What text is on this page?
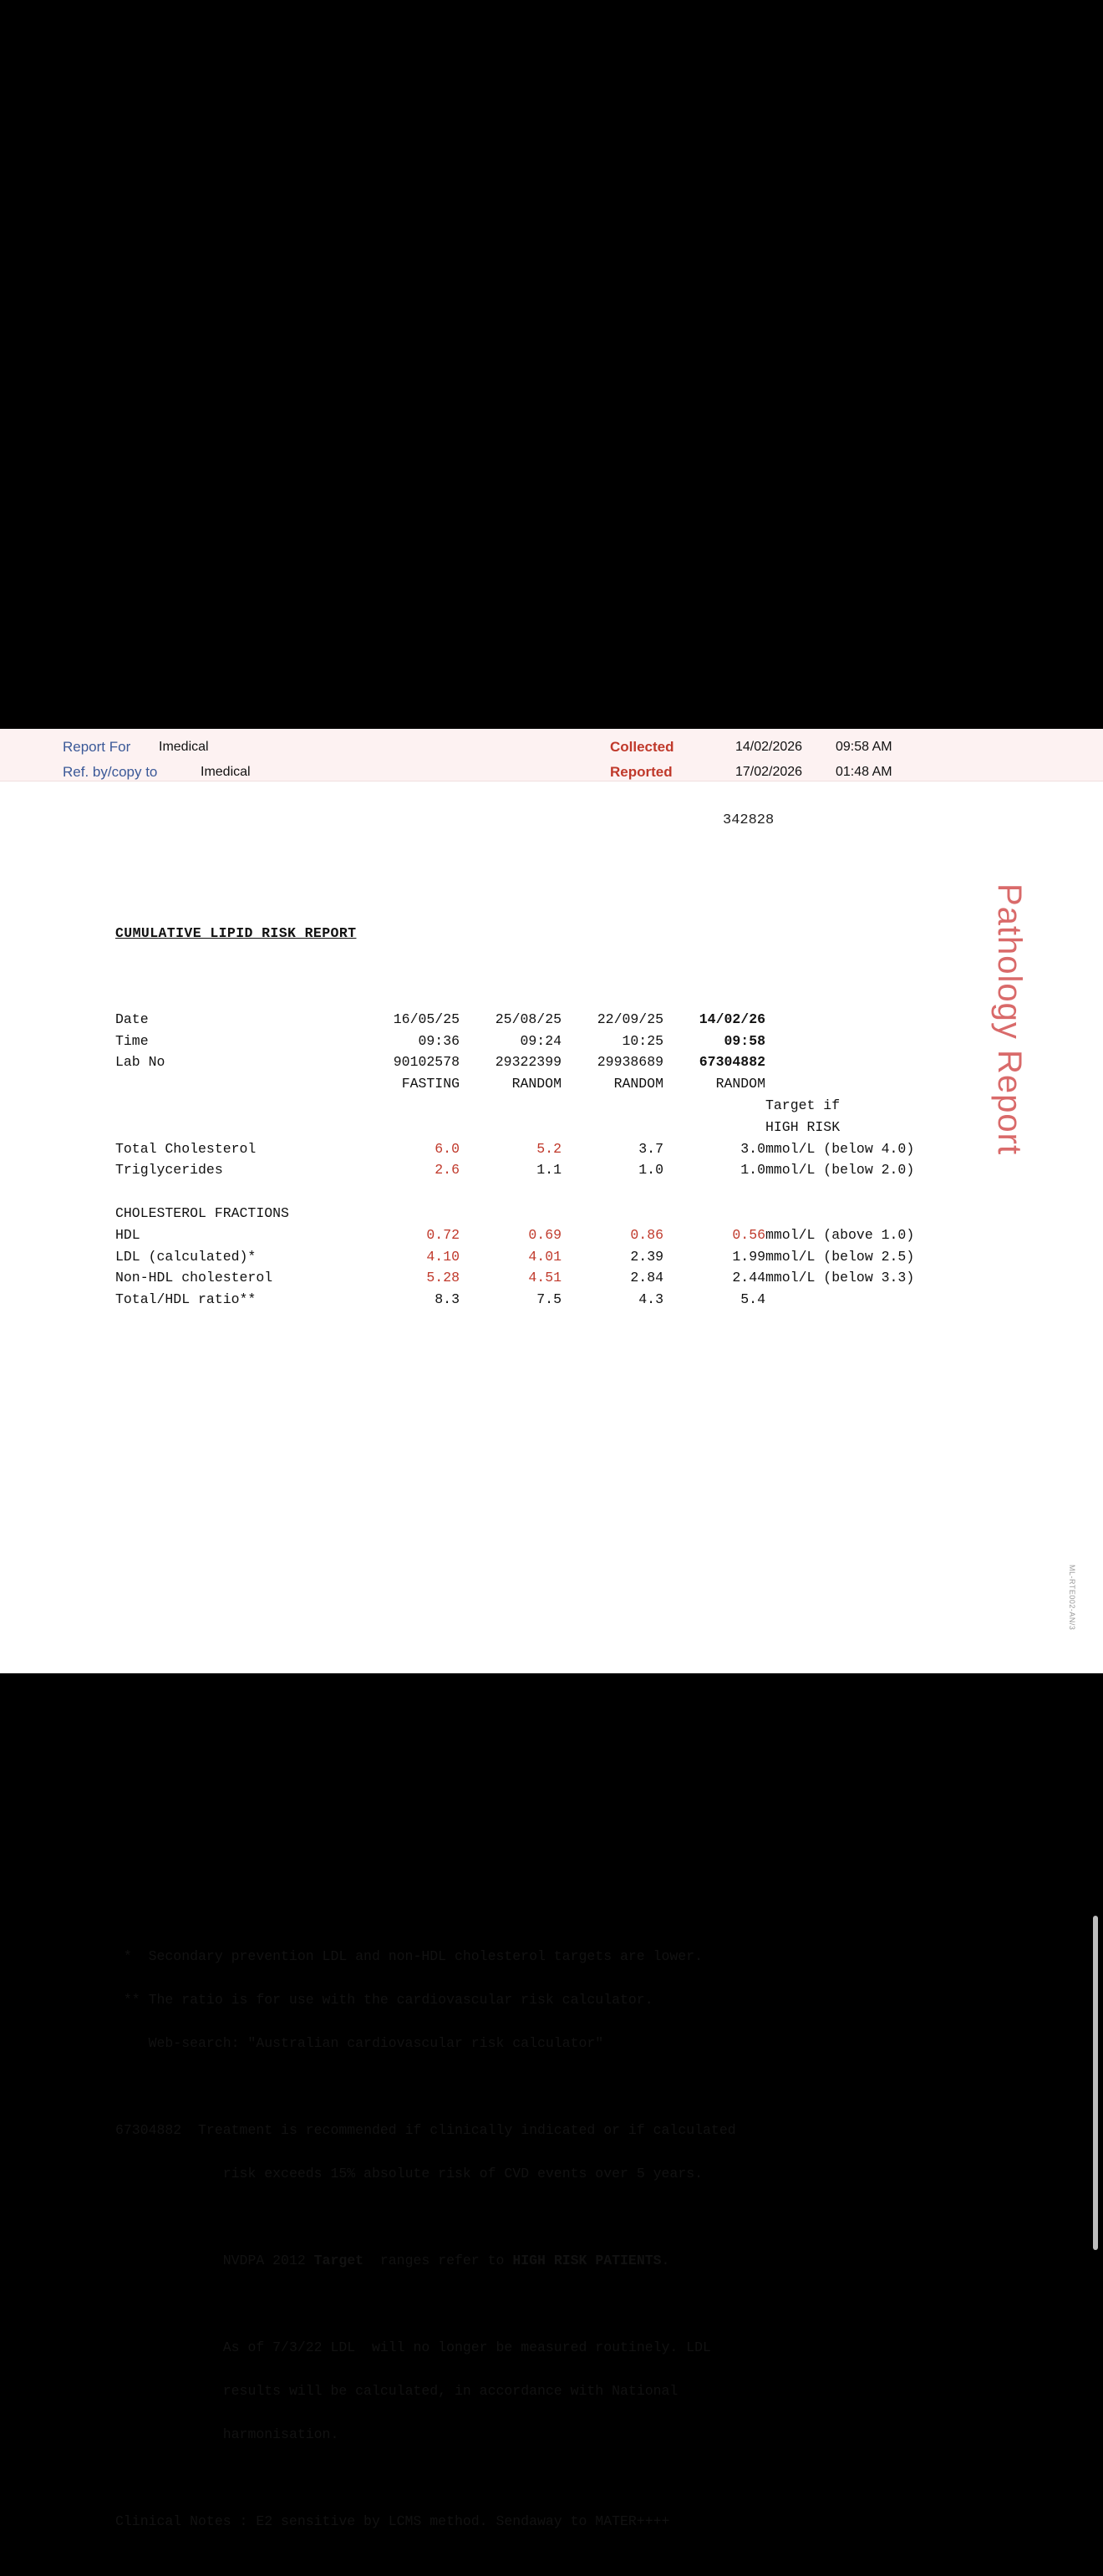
Report For Imedical
Ref. by/copy to	Imedical
Collected	14/02/2026 09:58 AM
Reported	17/02/2026 01:48 AM
342828
Pathology Report
ML-RTE002-AN/3

CUMULATIVE LIPID RISK REPORT

Date	16/05/25	25/08/25	22/09/25	14/02/26	
Time	09:36	09:24	10:25	09:58	
Lab No	90102578	29322399	29938689	67304882	
	FASTING	RANDOM	RANDOM	RANDOM	
					Target if
					HIGH RISK
Total Cholesterol	6.0	5.2	3.7	3.0	mmol/L (below 4.0)
Triglycerides	2.6	1.1	1.0	1.0	mmol/L (below 2.0)

CHOLESTEROL FRACTIONS					
HDL	0.72	0.69	0.86	0.56	mmol/L (above 1.0)
LDL (calculated)*	4.10	4.01	2.39	1.99	mmol/L (below 2.5)
Non-HDL cholesterol	5.28	4.51	2.84	2.44	mmol/L (below 3.3)
Total/HDL ratio**	8.3	7.5	4.3	5.4	

*  Secondary prevention LDL and non-HDL cholesterol targets are lower.

** The ratio is for use with the cardiovascular risk calculator.

Web-search: "Australian cardiovascular risk calculator"

67304882 Treatment is recommended if clinically indicated or if calculated

risk exceeds 15% absolute risk of CVD events over 5 years.

NVDPA 2012 Target  ranges refer to HIGH RISK PATIENTS.

As of 7/3/22 LDL  will no longer be measured routinely. LDL

results will be calculated, in accordance with National

harmonisation.

Clinical Notes : E2 sensitive by LCMS method. Sendaway to MATER++++
